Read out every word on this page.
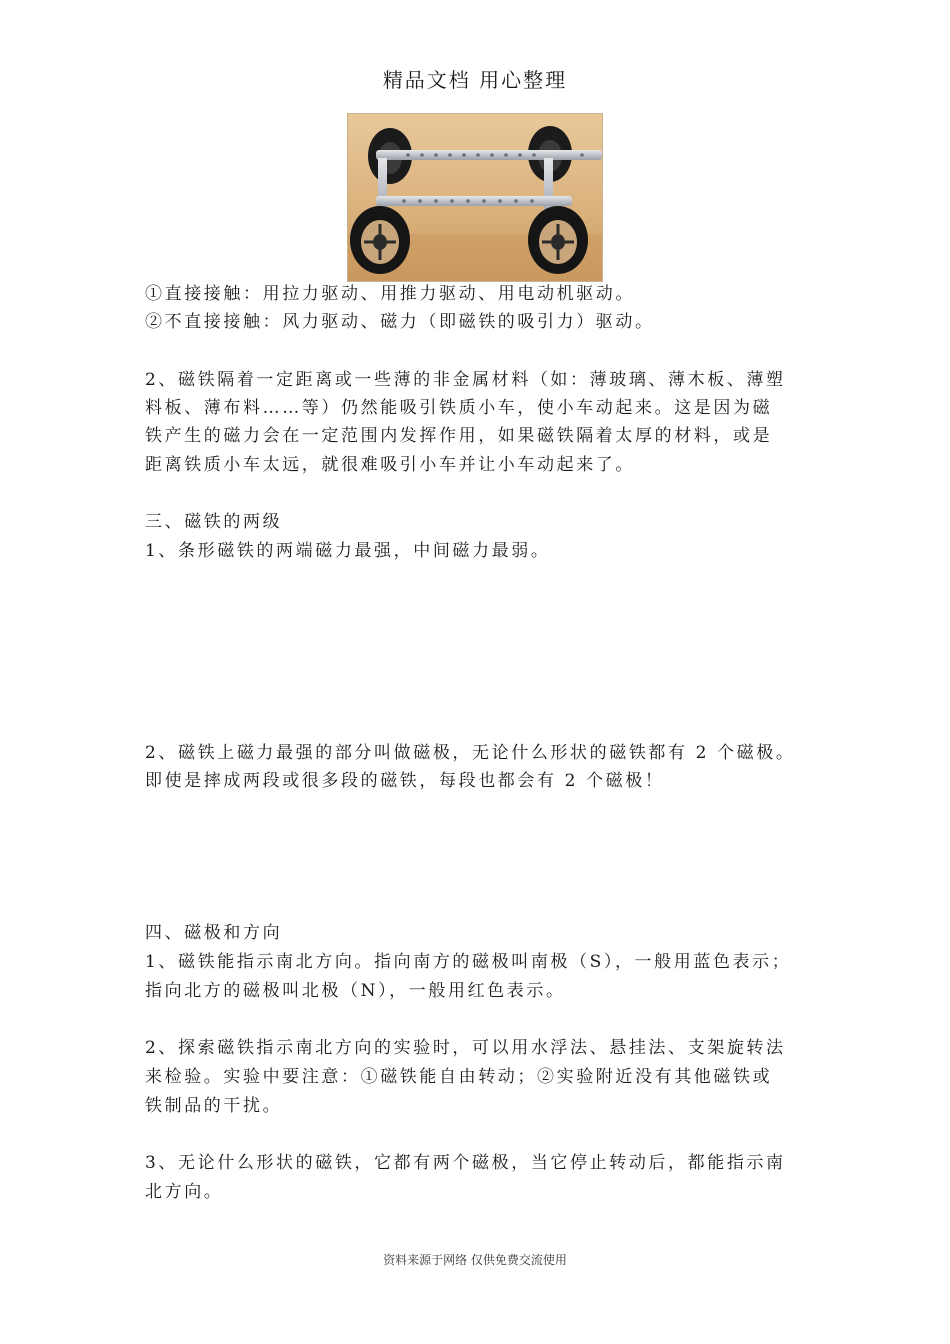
精品文档 用心整理
①直接接触：用拉力驱动、用推力驱动、用电动机驱动。
②不直接接触：风力驱动、磁力（即磁铁的吸引力）驱动。
2、磁铁隔着一定距离或一些薄的非金属材料（如：薄玻璃、薄木板、薄塑
料板、薄布料……等）仍然能吸引铁质小车，使小车动起来。这是因为磁
铁产生的磁力会在一定范围内发挥作用，如果磁铁隔着太厚的材料，或是
距离铁质小车太远，就很难吸引小车并让小车动起来了。
三、磁铁的两级
1、条形磁铁的两端磁力最强，中间磁力最弱。
2、磁铁上磁力最强的部分叫做磁极，无论什么形状的磁铁都有 2 个磁极。
即使是摔成两段或很多段的磁铁，每段也都会有 2 个磁极！
四、磁极和方向
1、磁铁能指示南北方向。指向南方的磁极叫南极（S），一般用蓝色表示；
指向北方的磁极叫北极（N），一般用红色表示。
2、探索磁铁指示南北方向的实验时，可以用水浮法、悬挂法、支架旋转法
来检验。实验中要注意：①磁铁能自由转动；②实验附近没有其他磁铁或
铁制品的干扰。
3、无论什么形状的磁铁，它都有两个磁极，当它停止转动后，都能指示南
北方向。
资料来源于网络 仅供免费交流使用
